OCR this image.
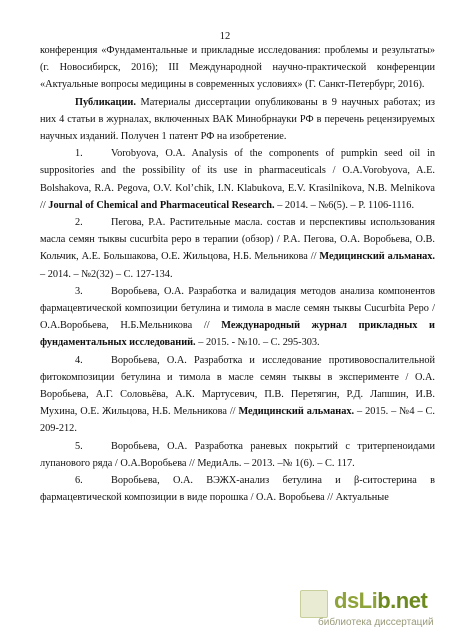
12

конференция «Фундаментальные и прикладные исследования: проблемы и результаты» (г. Новосибирск, 2016); III Международной научно-практической конференции «Актуальные вопросы медицины в современных условиях» (Г. Санкт-Петербург, 2016).

Публикации. Материалы диссертации опубликованы в 9 научных работах; из них 4 статьи в журналах, включенных ВАК Минобрнауки РФ в перечень рецензируемых научных изданий. Получен 1 патент РФ на изобретение.

1.	Vorobyova, O.A. Analysis of the components of pumpkin seed oil in suppositories and the possibility of its use in pharmaceuticals / O.A.Vorobyova, A.E. Bolshakova, R.A. Pegova, O.V. Kol’chik, I.N. Klabukova, E.V. Krasilnikova, N.B. Melnikova // Journal of Chemical and Pharmaceutical Research. – 2014. – №6(5). – P. 1106-1116.

2.	Пегова, Р.А. Растительные масла. состав и перспективы использования масла семян тыквы cucurbita pepo в терапии (обзор) / Р.А. Пегова, О.А. Воробьева, О.В. Кольчик, А.Е. Большакова, О.Е. Жильцова, Н.Б. Мельникова // Медицинский альманах. – 2014. – №2(32) – С. 127-134.

3.	Воробьева, О.А. Разработка и валидация методов анализа компонентов фармацевтической композиции бетулина и тимола в масле семян тыквы Cucurbita Pepo / О.А.Воробьева, Н.Б.Мельникова // Международный журнал прикладных и фундаментальных исследований. – 2015. - №10. – С. 295-303.

4.	Воробьева, О.А. Разработка и исследование противовоспалительной фитокомпозиции бетулина и тимола в масле семян тыквы в эксперименте / О.А. Воробьева, А.Г. Соловьёва, А.К. Мартусевич, П.В. Перетягин, Р.Д. Лапшин, И.В. Мухина, О.Е. Жильцова, Н.Б. Мельникова // Медицинский альманах. – 2015. – №4 – С. 209-212.

5.	Воробьева, О.А. Разработка раневых покрытий с тритерпеноидами лупанового ряда / О.А.Воробьева // МедиАль. – 2013. –№ 1(6). – С. 117.

6.	Воробьева, О.А. ВЭЖХ-анализ бетулина и β-ситостерина в фармацевтической композиции в виде порошка / О.А. Воробьева // Актуальные

dsLib.net
библиотека диссертаций
